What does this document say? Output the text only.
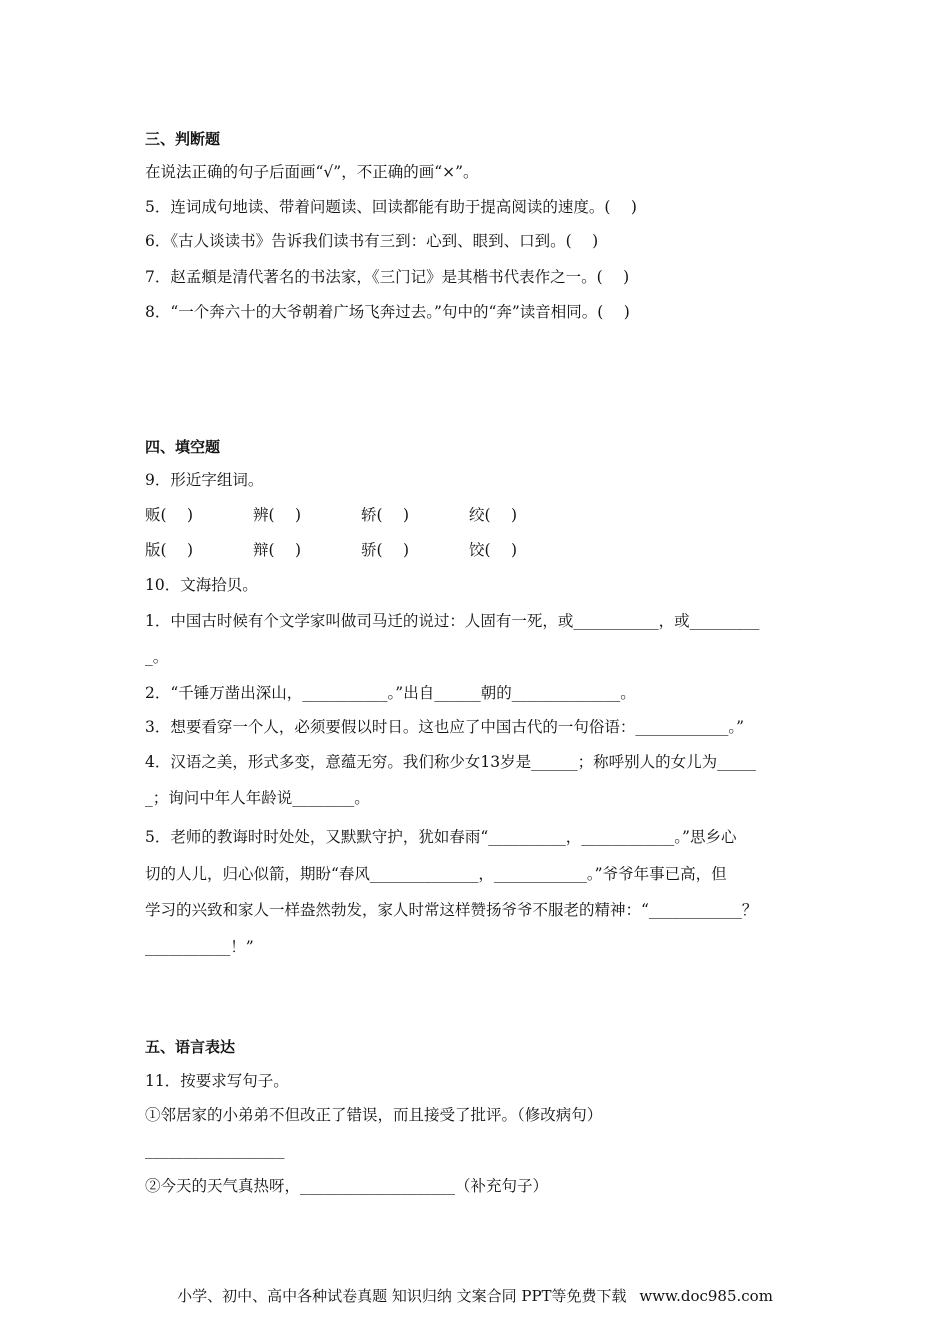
三、判断题
在说法正确的句子后面画“√”，不正确的画“×”。
5．连词成句地读、带着问题读、回读都能有助于提高阅读的速度。(　 )
6．《古人谈读书》告诉我们读书有三到：心到、眼到、口到。(　 )
7．赵孟頫是清代著名的书法家，《三门记》是其楷书代表作之一。(　 )
8．“一个奔六十的大爷朝着广场飞奔过去。”句中的“奔”读音相同。(　 )
四、填空题
9．形近字组词。
贩(　 )	辨(　 )	轿(　 )	绞(　 )
版(　 )	辩(　 )	骄(　 )	饺(　 )
10．文海拾贝。
1．中国古时候有个文学家叫做司马迁的说过：人固有一死，或___________，或_________
_。
2．“千锤万凿出深山，___________。”出自______朝的______________。
3．想要看穿一个人，必须要假以时日。这也应了中国古代的一句俗语：____________。”
4．汉语之美，形式多变，意蕴无穷。我们称少女13岁是______；称呼别人的女儿为_____
_；询问中年人年龄说________。
5．老师的教诲时时处处，又默默守护，犹如春雨“__________，____________。”思乡心
切的人儿，归心似箭，期盼“春风______________，____________。”爷爷年事已高，但
学习的兴致和家人一样盎然勃发，家人时常这样赞扬爷爷不服老的精神：“____________？
___________！”
五、语言表达
11．按要求写句子。
①邻居家的小弟弟不但改正了错误，而且接受了批评。（修改病句）
__________________
②今天的天气真热呀，____________________（补充句子）
小学、初中、高中各种试卷真题 知识归纳 文案合同 PPT等免费下载 www.doc985.com
